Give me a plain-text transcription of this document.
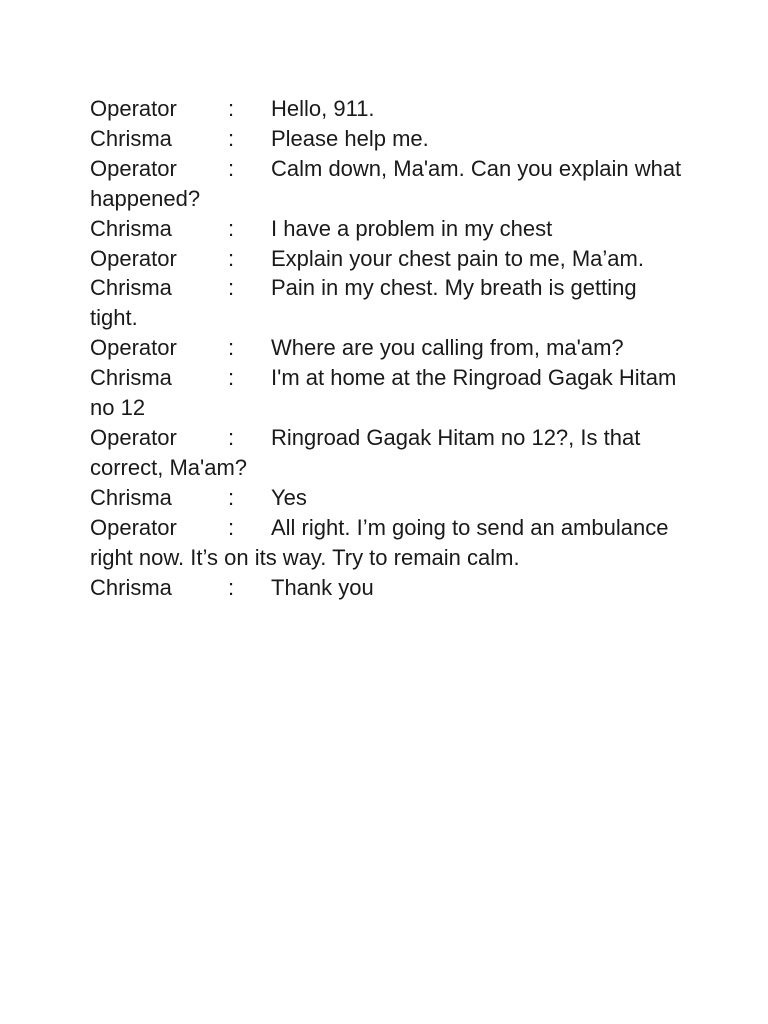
Operator : Hello, 911.
Chrisma	: Please help me.
Operator : Calm down, Ma'am. Can you explain what
happened?
Chrisma	: I have a problem in my chest
Operator : Explain your chest pain to me, Ma’am.
Chrisma	: Pain in my chest. My breath is getting
tight.
Operator : Where are you calling from, ma'am?
Chrisma	: I'm at home at the Ringroad Gagak Hitam
no 12
Operator : Ringroad Gagak Hitam no 12?, Is that
correct, Ma'am?
Chrisma	: Yes
Operator : All right. I’m going to send an ambulance
right now. It’s on its way. Try to remain calm.
Chrisma	: Thank you
